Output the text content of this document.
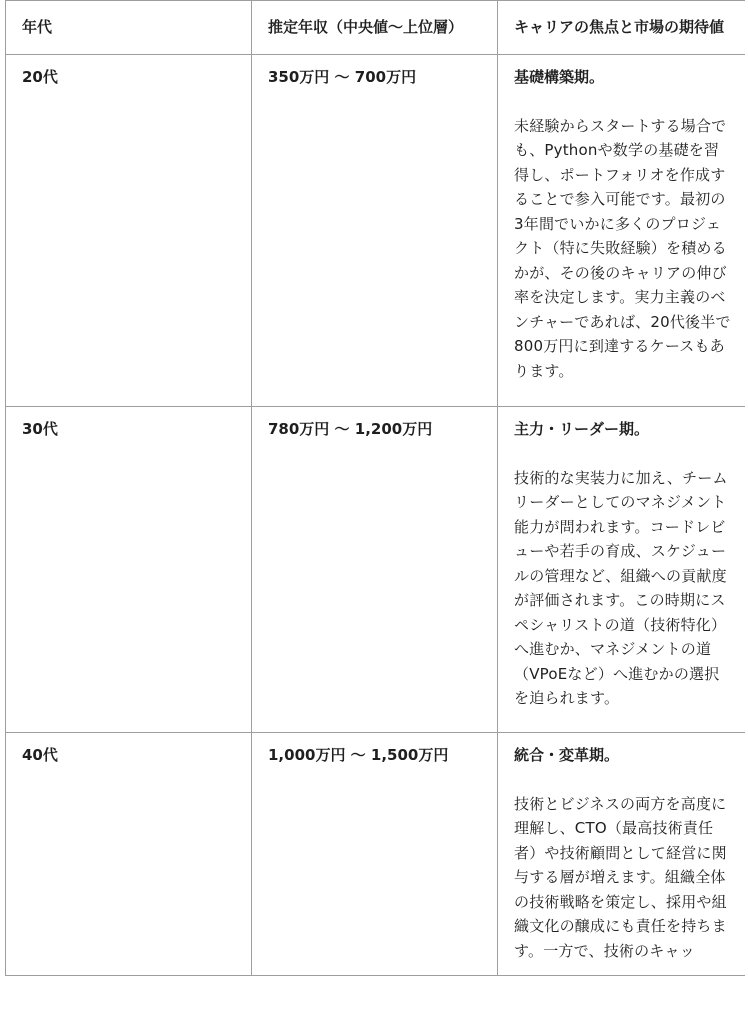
年代	推定年収（中央値〜上位層）	キャリアの焦点と市場の期待値
20代	350万円 〜 700万円	基礎構築期。

未経験からスタートする場合でも、Pythonや数学の基礎を習得し、ポートフォリオを作成することで参入可能です。最初の3年間でいかに多くのプロジェクト（特に失敗経験）を積めるかが、その後のキャリアの伸び率を決定します。実力主義のベンチャーであれば、20代後半で800万円に到達するケースもあります。

30代	780万円 〜 1,200万円	主力・リーダー期。

技術的な実装力に加え、チームリーダーとしてのマネジメント能力が問われます。コードレビューや若手の育成、スケジュールの管理など、組織への貢献度が評価されます。この時期にスペシャリストの道（技術特化）へ進むか、マネジメントの道（VPoEなど）へ進むかの選択を迫られます。

40代	1,000万円 〜 1,500万円	統合・変革期。

技術とビジネスの両方を高度に理解し、CTO（最高技術責任者）や技術顧問として経営に関与する層が増えます。組織全体の技術戦略を策定し、採用や組織文化の醸成にも責任を持ちます。一方で、技術のキャッ
